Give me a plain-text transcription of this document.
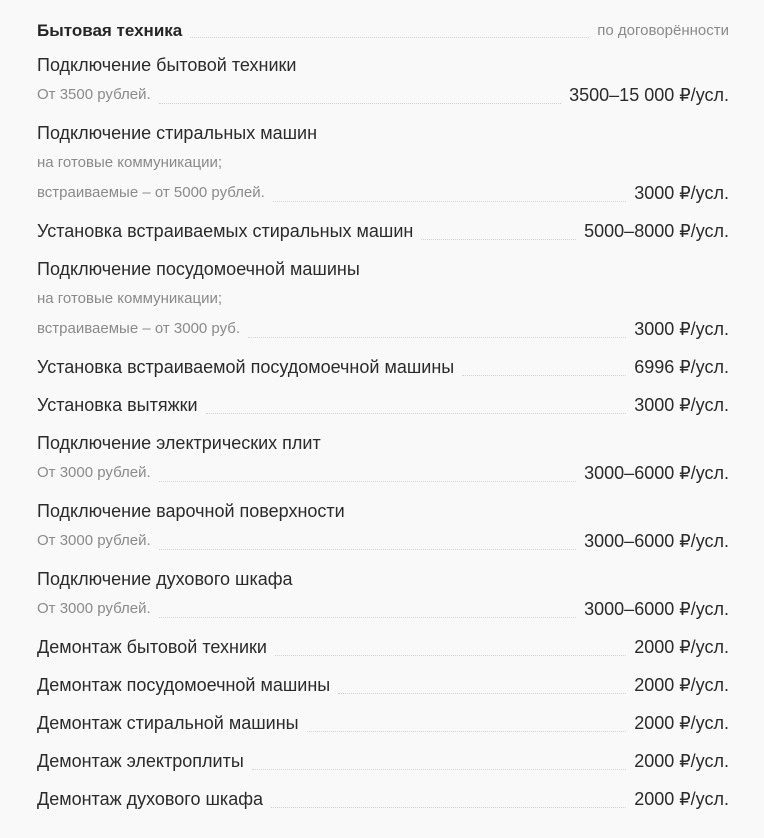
Бытовая техника	по договорённости
Подключение бытовой техники
От 3500 рублей.	3500–15 000 ₽/усл.
Подключение стиральных машин
на готовые коммуникации;
встраиваемые – от 5000 рублей.	3000 ₽/усл.
Установка встраиваемых стиральных машин	5000–8000 ₽/усл.
Подключение посудомоечной машины
на готовые коммуникации;
встраиваемые – от 3000 руб.	3000 ₽/усл.
Установка встраиваемой посудомоечной машины	6996 ₽/усл.
Установка вытяжки	3000 ₽/усл.
Подключение электрических плит
От 3000 рублей.	3000–6000 ₽/усл.
Подключение варочной поверхности
От 3000 рублей.	3000–6000 ₽/усл.
Подключение духового шкафа
От 3000 рублей.	3000–6000 ₽/усл.
Демонтаж бытовой техники	2000 ₽/усл.
Демонтаж посудомоечной машины	2000 ₽/усл.
Демонтаж стиральной машины	2000 ₽/усл.
Демонтаж электроплиты	2000 ₽/усл.
Демонтаж духового шкафа	2000 ₽/усл.
